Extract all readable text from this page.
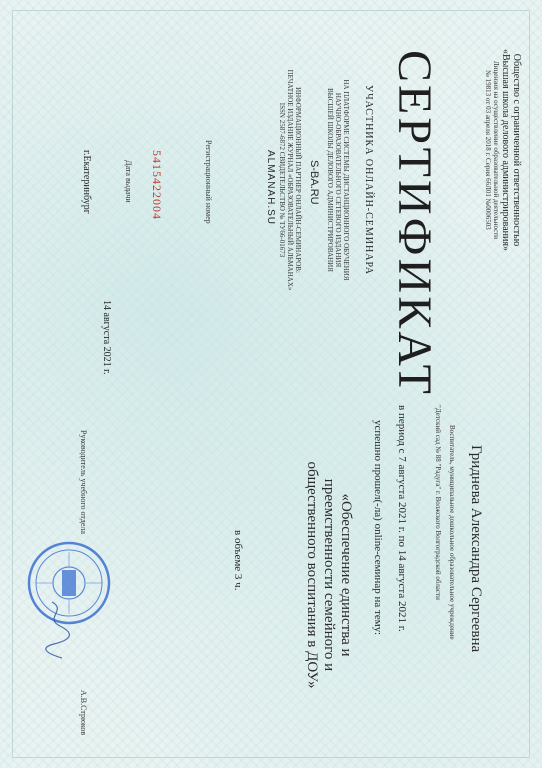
Общество с ограниченной ответственностью
«Высшая школа делового администрирования»
Лицензия на осуществление образовательной деятельности
№ 19813 от 03 апреля 2018 г. Серия 66Л01 №0006503
СЕРТИФИКАТ
УЧАСТНИКА ОНЛАЙН-СЕМИНАРА
НА ПЛАТФОРМЕ СИСТЕМЫ ДИСТАНЦИОННОГО ОБУЧЕНИЯ
НАУЧНО-ОБРАЗОВАТЕЛЬНОГО СЕТЕВОГО ИЗДАНИЯ
ВЫСШЕЙ ШКОЛЫ ДЕЛОВОГО АДМИНИСТРИРОВАНИЯ
S-BA.RU
ИНФОРМАЦИОННЫЙ ПАРТНЕР ОНЛАЙН-СЕМИНАРОВ:
ПЕЧАТНОЕ ИЗДАНИЕ ЖУРНАЛ «ОБРАЗОВАТЕЛЬНЫЙ АЛЬМАНАХ»
ISSN 2587-6872 СВИДЕТЕЛЬСТВО № ТУ66-01673
ALMANAH.SU
Регистрационный номер
5415422004
Дата выдачи
14 августа 2021 г.
г.Екатеринбург
Гриднева Александра Сергеевна
Воспитатель, муниципальное дошкольное образовательное учреждение
"Детский сад № 88 "Радуга" г. Волжского Волгоградской области
в период с 7 августа 2021 г. по 14 августа 2021 г.
успешно прошел(-ла) online-семинар на тему:
«Обеспечение единства и
преемственности семейного и
общественного воспитания в ДОУ»
в объеме 3 ч.
Руководитель учебного отдела
А.В.Стрюков
